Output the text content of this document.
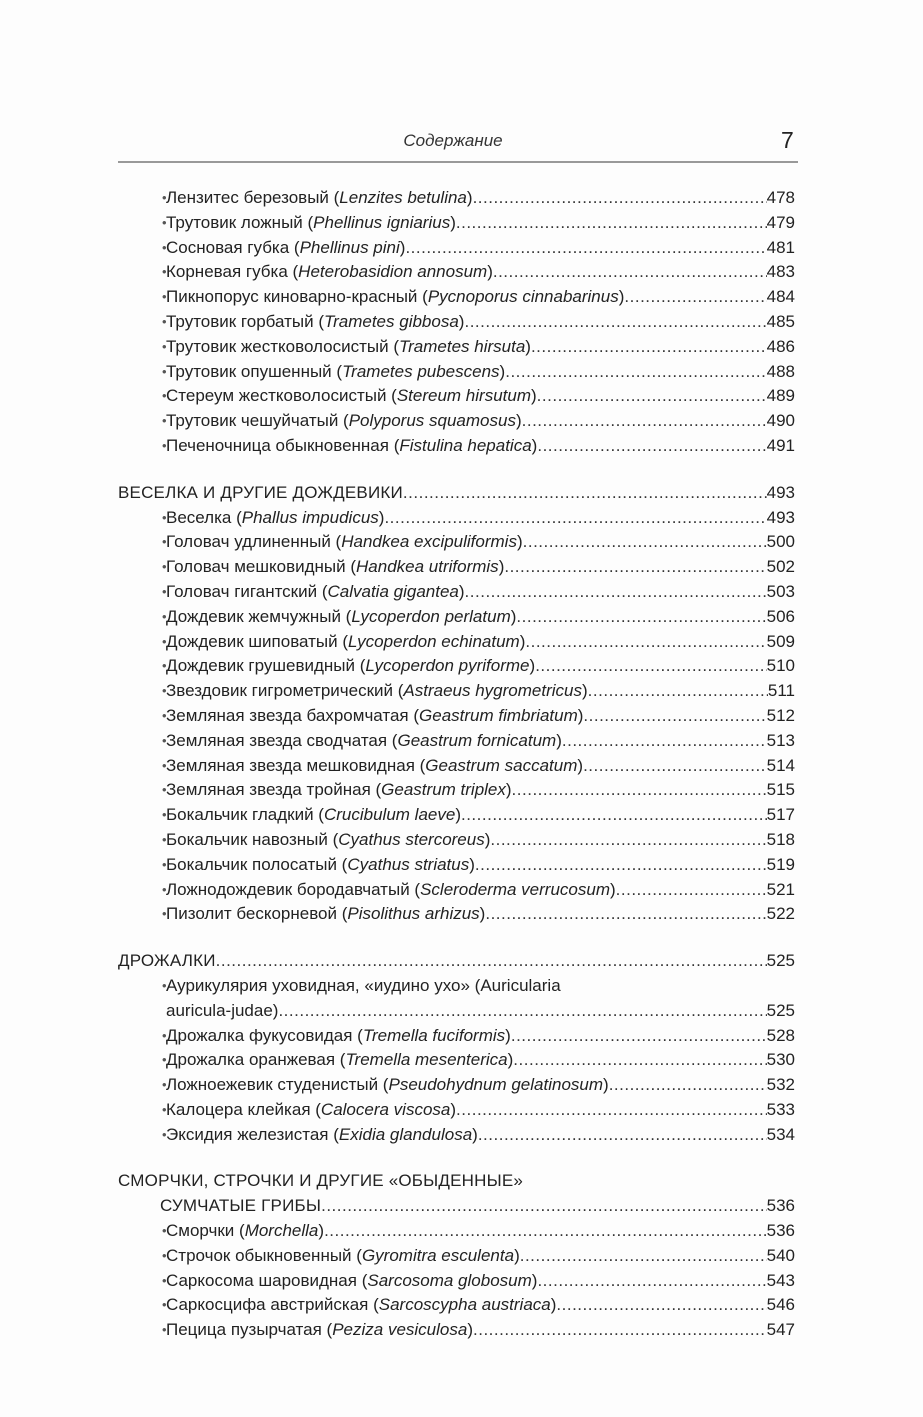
Содержание	7
• Лензитес березовый (Lenzites betulina) .....	478
• Трутовик ложный (Phellinus igniarius) .....	479
• Сосновая губка (Phellinus pini) .....	481
• Корневая губка (Heterobasidion annosum) .....	483
• Пикнопорус киноварно-красный (Pycnoporus cinnabarinus) .....	484
• Трутовик горбатый (Trametes gibbosa) .....	485
• Трутовик жестковолосистый (Trametes hirsuta) .....	486
• Трутовик опушенный (Trametes pubescens) .....	488
• Стереум жестковолосистый (Stereum hirsutum) .....	489
• Трутовик чешуйчатый (Polyporus squamosus) .....	490
• Печеночница обыкновенная (Fistulina hepatica) .....	491
ВЕСЕЛКА И ДРУГИЕ ДОЖДЕВИКИ .....	493
• Веселка (Phallus impudicus) .....	493
• Головач удлиненный (Handkea excipuliformis) .....	500
• Головач мешковидный (Handkea utriformis) .....	502
• Головач гигантский (Calvatia gigantea) .....	503
• Дождевик жемчужный (Lycoperdon perlatum) .....	506
• Дождевик шиповатый (Lycoperdon echinatum) .....	509
• Дождевик грушевидный (Lycoperdon pyriforme) .....	510
• Звездовик гигрометрический (Astraeus hygrometricus) .....	511
• Земляная звезда бахромчатая (Geastrum fimbriatum) .....	512
• Земляная звезда сводчатая (Geastrum fornicatum) .....	513
• Земляная звезда мешковидная (Geastrum saccatum) .....	514
• Земляная звезда тройная (Geastrum triplex) .....	515
• Бокальчик гладкий (Crucibulum laeve) .....	517
• Бокальчик навозный (Cyathus stercoreus) .....	518
• Бокальчик полосатый (Cyathus striatus) .....	519
• Ложнодождевик бородавчатый (Scleroderma verrucosum) .....	521
• Пизолит бескорневой (Pisolithus arhizus) .....	522
ДРОЖАЛКИ .....	525
• Аурикулярия уховидная, «иудино ухо» (Auricularia
auricula-judae) .....	525
• Дрожалка фукусовидая (Tremella fuciformis) .....	528
• Дрожалка оранжевая (Tremella mesenterica) .....	530
• Ложноежевик студенистый (Pseudohydnum gelatinosum) .....	532
• Калоцера клейкая (Calocera viscosa) .....	533
• Эксидия железистая (Exidia glandulosa) .....	534
СМОРЧКИ, СТРОЧКИ И ДРУГИЕ «ОБЫДЕННЫЕ»
СУМЧАТЫЕ ГРИБЫ .....	536
• Сморчки (Morchella) .....	536
• Строчок обыкновенный (Gyromitra esculenta) .....	540
• Саркосома шаровидная (Sarcosoma globosum) .....	543
• Саркосцифа австрийская (Sarcoscypha austriaca) .....	546
• Пецица пузырчатая (Peziza vesiculosa) .....	547
